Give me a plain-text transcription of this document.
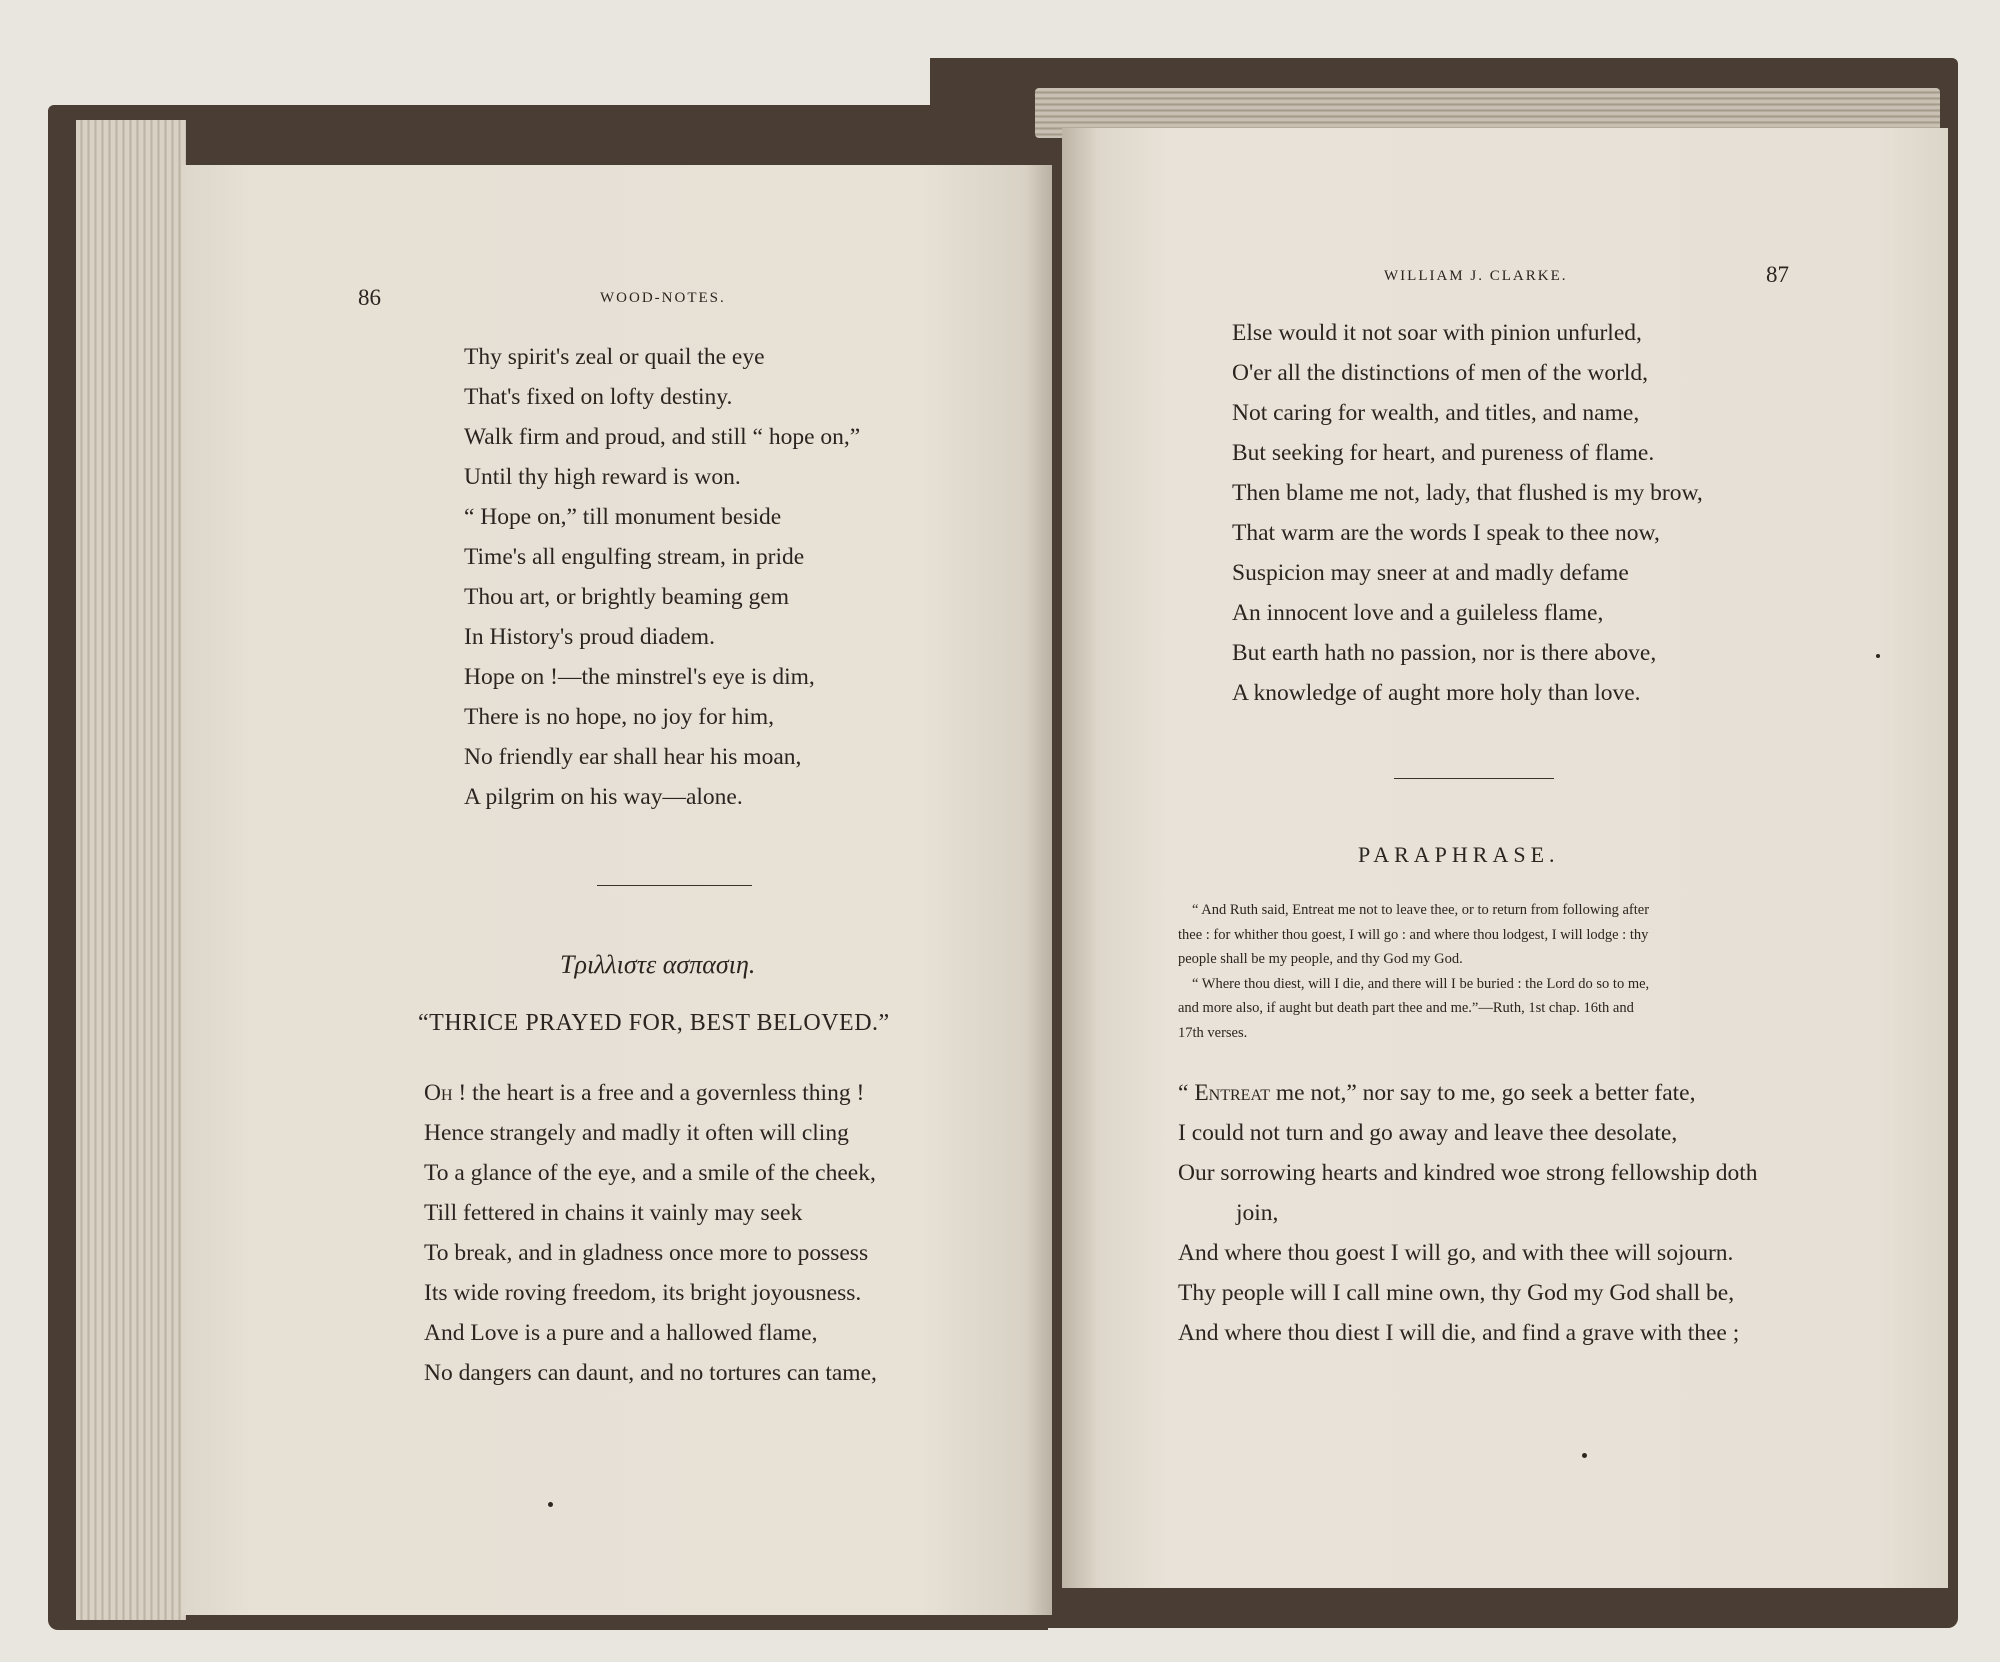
86	WOOD-NOTES.
Thy spirit's zeal or quail the eye
That's fixed on lofty destiny.
Walk firm and proud, and still “ hope on,”
Until thy high reward is won.
“ Hope on,” till monument beside
Time's all engulfing stream, in pride
Thou art, or brightly beaming gem
In History's proud diadem.
Hope on !—the minstrel's eye is dim,
There is no hope, no joy for him,
No friendly ear shall hear his moan,
A pilgrim on his way—alone.
Τριλλιστε ασπασιη.
“THRICE PRAYED FOR, BEST BELOVED.”
Oh ! the heart is a free and a governless thing !
Hence strangely and madly it often will cling
To a glance of the eye, and a smile of the cheek,
Till fettered in chains it vainly may seek
To break, and in gladness once more to possess
Its wide roving freedom, its bright joyousness.
And Love is a pure and a hallowed flame,
No dangers can daunt, and no tortures can tame,
WILLIAM J. CLARKE.	87
Else would it not soar with pinion unfurled,
O'er all the distinctions of men of the world,
Not caring for wealth, and titles, and name,
But seeking for heart, and pureness of flame.
Then blame me not, lady, that flushed is my brow,
That warm are the words I speak to thee now,
Suspicion may sneer at and madly defame
An innocent love and a guileless flame,
But earth hath no passion, nor is there above,
A knowledge of aught more holy than love.
PARAPHRASE.
“ And Ruth said, Entreat me not to leave thee, or to return from following after
thee : for whither thou goest, I will go : and where thou lodgest, I will lodge : thy
people shall be my people, and thy God my God.
“ Where thou diest, will I die, and there will I be buried : the Lord do so to me,
and more also, if aught but death part thee and me.”—Ruth, 1st chap. 16th and
17th verses.
“ Entreat me not,” nor say to me, go seek a better fate,
I could not turn and go away and leave thee desolate,
Our sorrowing hearts and kindred woe strong fellowship doth
join,
And where thou goest I will go, and with thee will sojourn.
Thy people will I call mine own, thy God my God shall be,
And where thou diest I will die, and find a grave with thee ;
